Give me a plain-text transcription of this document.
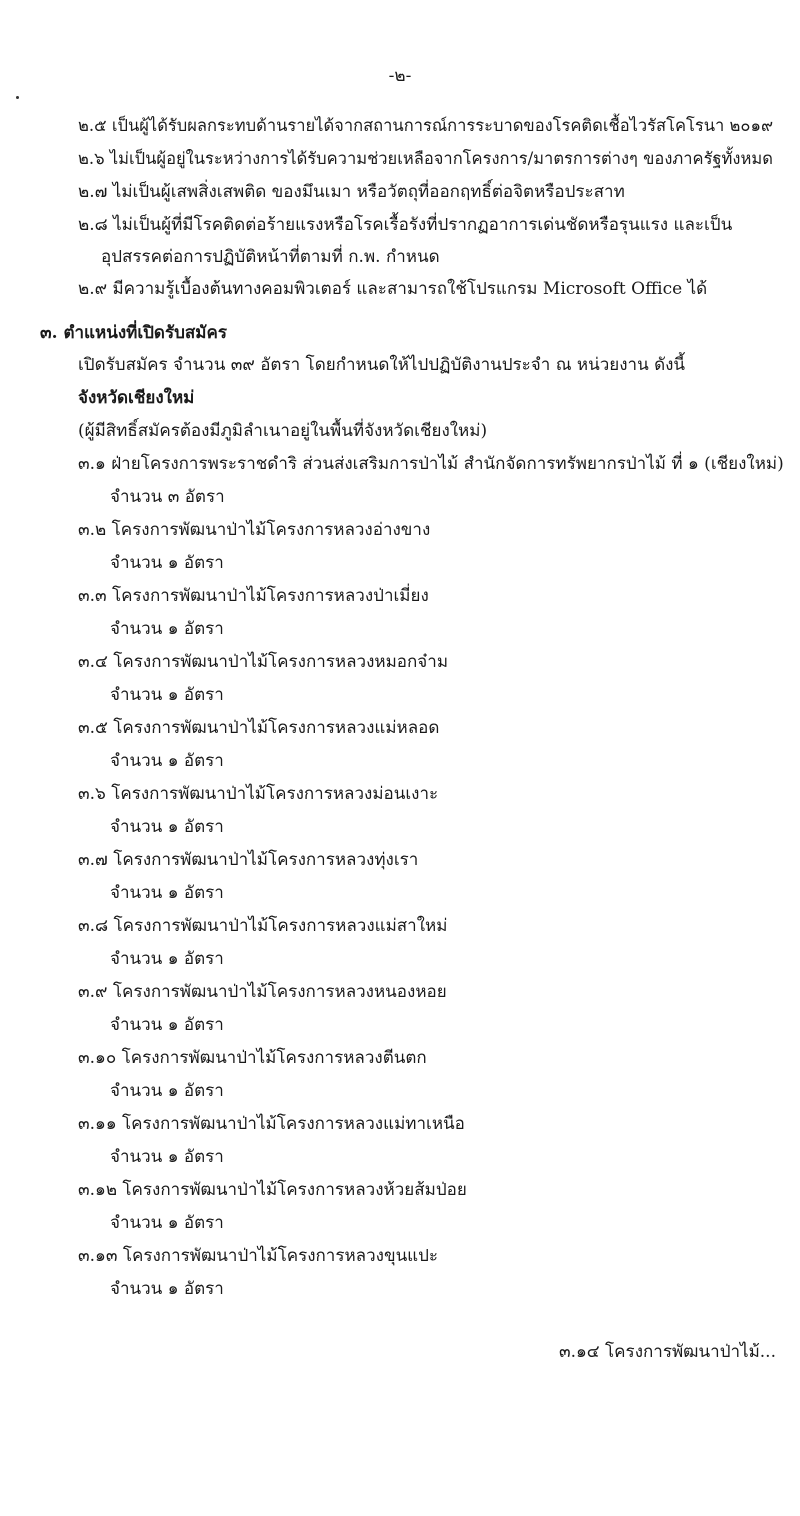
-๒-
๒.๕ เป็นผู้ได้รับผลกระทบด้านรายได้จากสถานการณ์การระบาดของโรคติดเชื้อไวรัสโคโรนา ๒๐๑๙
๒.๖ ไม่เป็นผู้อยู่ในระหว่างการได้รับความช่วยเหลือจากโครงการ/มาตรการต่างๆ ของภาครัฐทั้งหมด
๒.๗ ไม่เป็นผู้เสพสิ่งเสพติด ของมึนเมา หรือวัตถุที่ออกฤทธิ์ต่อจิตหรือประสาท
๒.๘ ไม่เป็นผู้ที่มีโรคติดต่อร้ายแรงหรือโรคเรื้อรังที่ปรากฏอาการเด่นชัดหรือรุนแรง และเป็น
อุปสรรคต่อการปฏิบัติหน้าที่ตามที่ ก.พ. กำหนด
๒.๙ มีความรู้เบื้องต้นทางคอมพิวเตอร์ และสามารถใช้โปรแกรม Microsoft Office ได้
๓. ตำแหน่งที่เปิดรับสมัคร
เปิดรับสมัคร จำนวน ๓๙ อัตรา โดยกำหนดให้ไปปฏิบัติงานประจำ ณ หน่วยงาน ดังนี้
จังหวัดเชียงใหม่
(ผู้มีสิทธิ์สมัครต้องมีภูมิลำเนาอยู่ในพื้นที่จังหวัดเชียงใหม่)
๓.๑ ฝ่ายโครงการพระราชดำริ ส่วนส่งเสริมการป่าไม้ สำนักจัดการทรัพยากรป่าไม้ ที่ ๑ (เชียงใหม่)
จำนวน ๓ อัตรา
๓.๒ โครงการพัฒนาป่าไม้โครงการหลวงอ่างขาง
จำนวน ๑ อัตรา
๓.๓ โครงการพัฒนาป่าไม้โครงการหลวงป่าเมี่ยง
จำนวน ๑ อัตรา
๓.๔ โครงการพัฒนาป่าไม้โครงการหลวงหมอกจ๋าม
จำนวน ๑ อัตรา
๓.๕ โครงการพัฒนาป่าไม้โครงการหลวงแม่หลอด
จำนวน ๑ อัตรา
๓.๖ โครงการพัฒนาป่าไม้โครงการหลวงม่อนเงาะ
จำนวน ๑ อัตรา
๓.๗ โครงการพัฒนาป่าไม้โครงการหลวงทุ่งเรา
จำนวน ๑ อัตรา
๓.๘ โครงการพัฒนาป่าไม้โครงการหลวงแม่สาใหม่
จำนวน ๑ อัตรา
๓.๙ โครงการพัฒนาป่าไม้โครงการหลวงหนองหอย
จำนวน ๑ อัตรา
๓.๑๐ โครงการพัฒนาป่าไม้โครงการหลวงตีนตก
จำนวน ๑ อัตรา
๓.๑๑ โครงการพัฒนาป่าไม้โครงการหลวงแม่ทาเหนือ
จำนวน ๑ อัตรา
๓.๑๒ โครงการพัฒนาป่าไม้โครงการหลวงห้วยส้มป่อย
จำนวน ๑ อัตรา
๓.๑๓ โครงการพัฒนาป่าไม้โครงการหลวงขุนแปะ
จำนวน ๑ อัตรา
๓.๑๔ โครงการพัฒนาป่าไม้...
